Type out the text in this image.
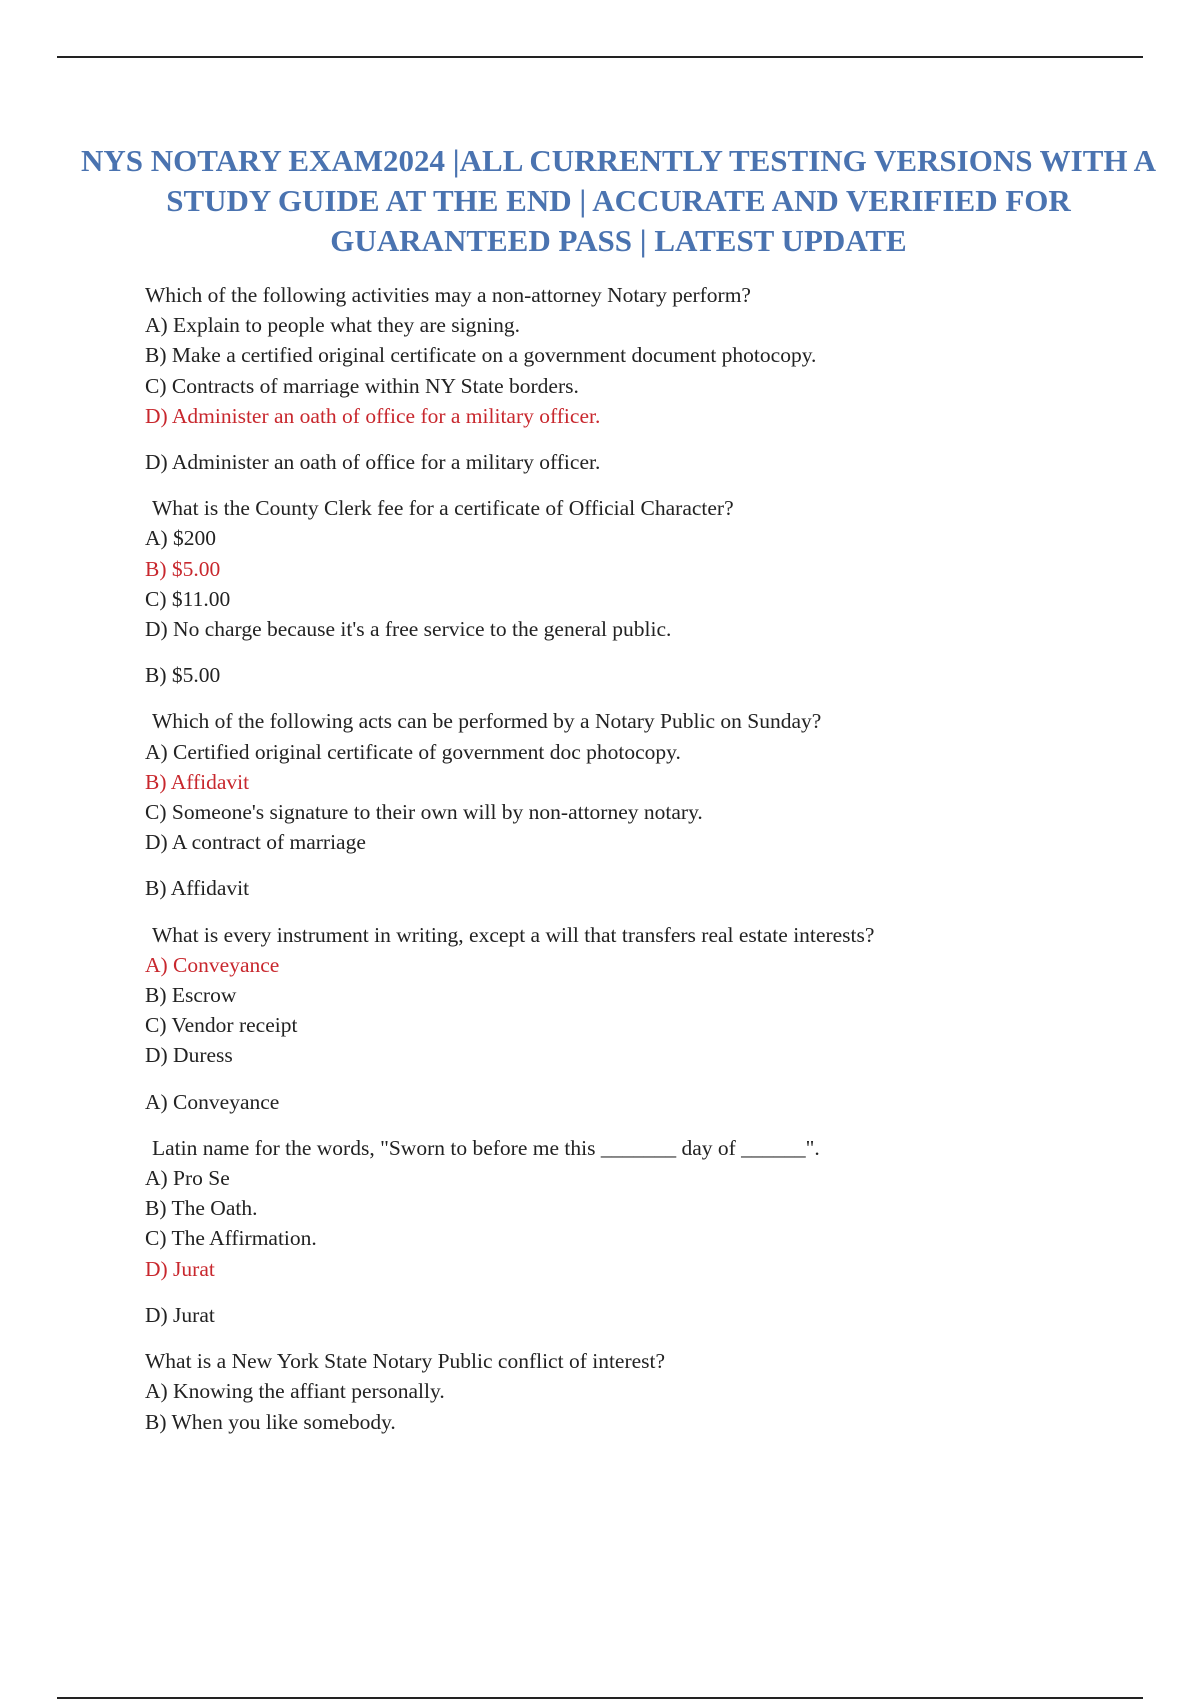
NYS NOTARY EXAM2024 |ALL CURRENTLY TESTING VERSIONS WITH A STUDY GUIDE AT THE END | ACCURATE AND VERIFIED FOR GUARANTEED PASS | LATEST UPDATE

Which of the following activities may a non-attorney Notary perform?

A) Explain to people what they are signing.

B) Make a certified original certificate on a government document photocopy.

C) Contracts of marriage within NY State borders.

D) Administer an oath of office for a military officer.

D) Administer an oath of office for a military officer.

What is the County Clerk fee for a certificate of Official Character?

A) $200

B) $5.00

C) $11.00

D) No charge because it's a free service to the general public.

B) $5.00

Which of the following acts can be performed by a Notary Public on Sunday?

A) Certified original certificate of government doc photocopy.

B) Affidavit

C) Someone's signature to their own will by non-attorney notary.

D) A contract of marriage

B) Affidavit

What is every instrument in writing, except a will that transfers real estate interests?

A) Conveyance

B) Escrow

C) Vendor receipt

D) Duress

A) Conveyance

Latin name for the words, "Sworn to before me this _______ day of ______".

A) Pro Se

B) The Oath.

C) The Affirmation.

D) Jurat

D) Jurat

What is a New York State Notary Public conflict of interest?

A) Knowing the affiant personally.

B) When you like somebody.
